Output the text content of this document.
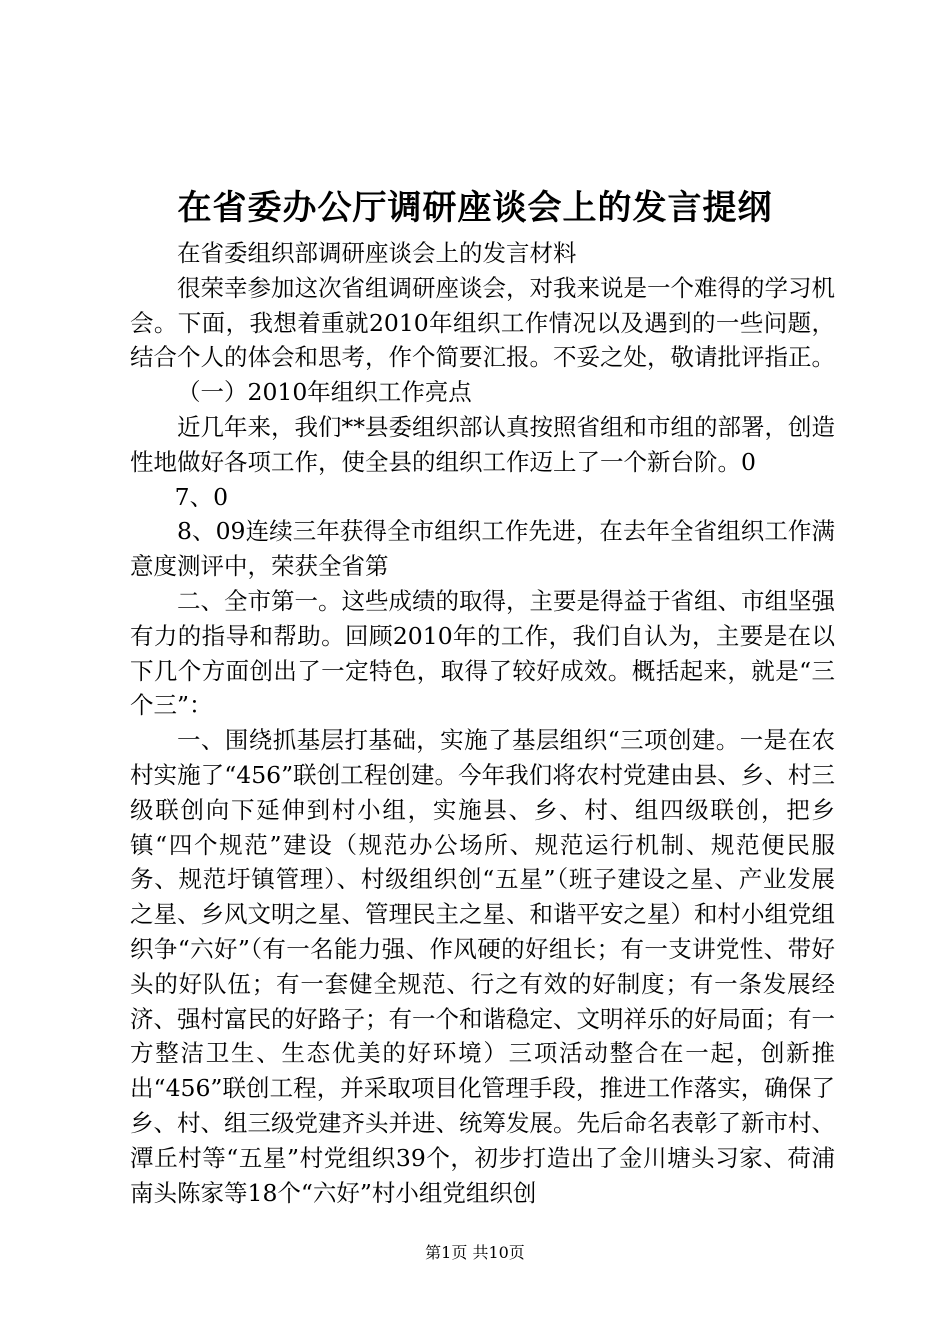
在省委办公厅调研座谈会上的发言提纲

在省委组织部调研座谈会上的发言材料

很荣幸参加这次省组调研座谈会，对我来说是一个难得的学习机会。下面，我想着重就2010年组织工作情况以及遇到的一些问题，结合个人的体会和思考，作个简要汇报。不妥之处，敬请批评指正。

（一）2010年组织工作亮点

近几年来，我们**县委组织部认真按照省组和市组的部署，创造性地做好各项工作，使全县的组织工作迈上了一个新台阶。0

7、0

8、09连续三年获得全市组织工作先进，在去年全省组织工作满意度测评中，荣获全省第

二、全市第一。这些成绩的取得，主要是得益于省组、市组坚强有力的指导和帮助。回顾2010年的工作，我们自认为，主要是在以下几个方面创出了一定特色，取得了较好成效。概括起来，就是“三个三”：

一、围绕抓基层打基础，实施了基层组织“三项创建。一是在农村实施了“456”联创工程创建。今年我们将农村党建由县、乡、村三级联创向下延伸到村小组，实施县、乡、村、组四级联创，把乡镇“四个规范”建设（规范办公场所、规范运行机制、规范便民服务、规范圩镇管理）、村级组织创“五星”（班子建设之星、产业发展之星、乡风文明之星、管理民主之星、和谐平安之星）和村小组党组织争“六好”（有一名能力强、作风硬的好组长；有一支讲党性、带好头的好队伍；有一套健全规范、行之有效的好制度；有一条发展经济、强村富民的好路子；有一个和谐稳定、文明祥乐的好局面；有一方整洁卫生、生态优美的好环境）三项活动整合在一起，创新推出“456”联创工程，并采取项目化管理手段，推进工作落实，确保了乡、村、组三级党建齐头并进、统筹发展。先后命名表彰了新市村、潭丘村等“五星”村党组织39个，初步打造出了金川塘头习家、荷浦南头陈家等18个“六好”村小组党组织创

第1页 共10页
